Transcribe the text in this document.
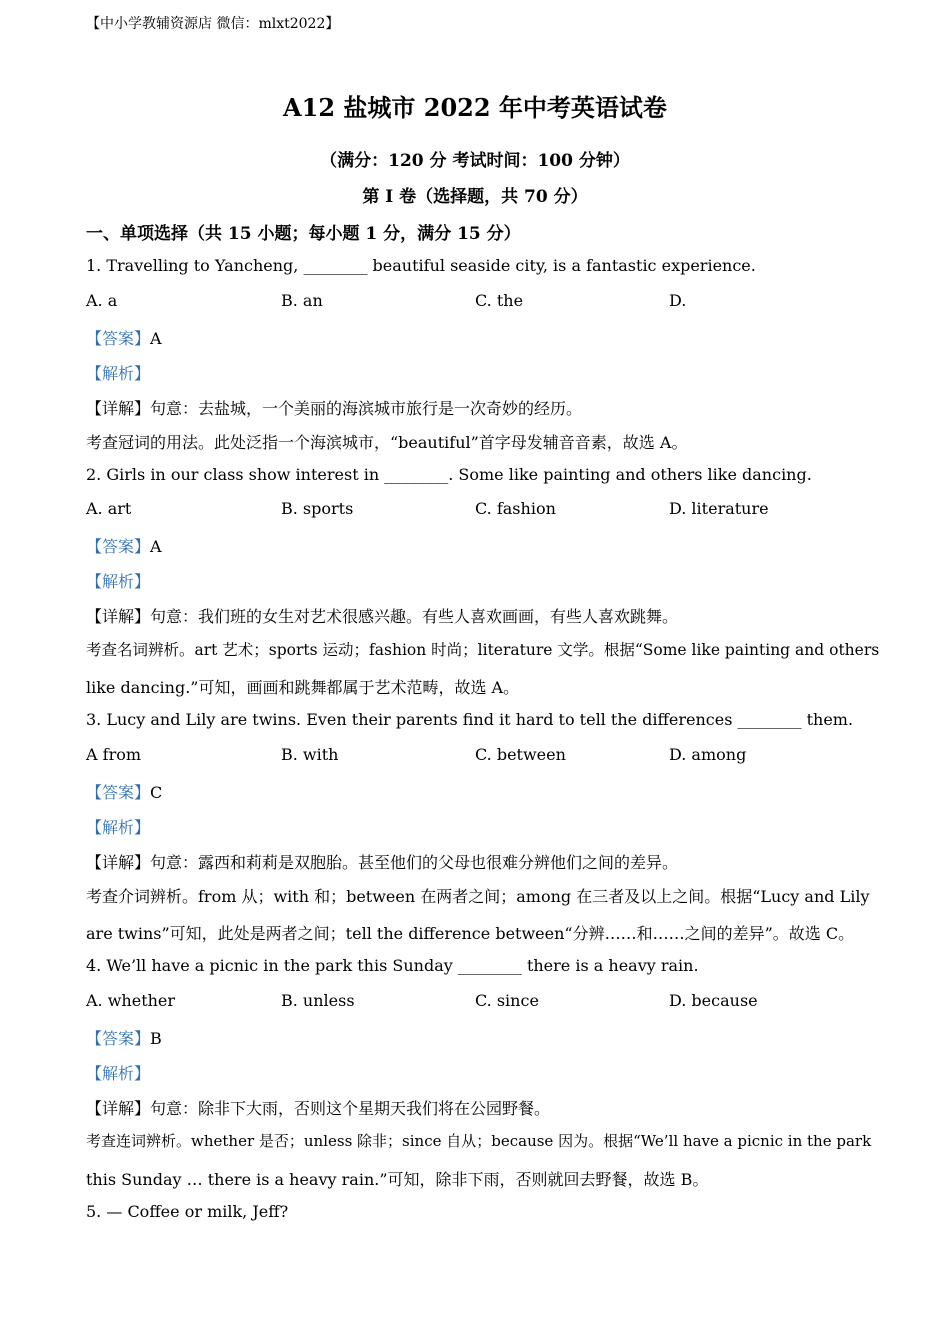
【中小学教辅资源店 微信：mlxt2022】
A12 盐城市 2022 年中考英语试卷
（满分：120 分 考试时间：100 分钟）
第 I 卷（选择题，共 70 分）
一、单项选择（共 15 小题；每小题 1 分，满分 15 分）
1. Travelling to Yancheng, ________ beautiful seaside city, is a fantastic experience.
A. a	B. an	C. the	D.
【答案】A
【解析】
【详解】句意：去盐城，一个美丽的海滨城市旅行是一次奇妙的经历。
考查冠词的用法。此处泛指一个海滨城市，“beautiful”首字母发辅音音素，故选 A。
2. Girls in our class show interest in ________. Some like painting and others like dancing.
A. art	B. sports	C. fashion	D. literature
【答案】A
【解析】
【详解】句意：我们班的女生对艺术很感兴趣。有些人喜欢画画，有些人喜欢跳舞。
考查名词辨析。art 艺术；sports 运动；fashion 时尚；literature 文学。根据“Some like painting and others
like dancing.”可知，画画和跳舞都属于艺术范畴，故选 A。
3. Lucy and Lily are twins. Even their parents find it hard to tell the differences ________ them.
A from	B. with	C. between	D. among
【答案】C
【解析】
【详解】句意：露西和莉莉是双胞胎。甚至他们的父母也很难分辨他们之间的差异。
考查介词辨析。from 从；with 和；between 在两者之间；among 在三者及以上之间。根据“Lucy and Lily
are twins”可知，此处是两者之间；tell the difference between“分辨……和……之间的差异”。故选 C。
4. We’ll have a picnic in the park this Sunday ________ there is a heavy rain.
A. whether	B. unless	C. since	D. because
【答案】B
【解析】
【详解】句意：除非下大雨，否则这个星期天我们将在公园野餐。
考查连词辨析。whether 是否；unless 除非；since 自从；because 因为。根据“We’ll have a picnic in the park
this Sunday … there is a heavy rain.”可知，除非下雨，否则就回去野餐，故选 B。
5. — Coffee or milk, Jeff?
